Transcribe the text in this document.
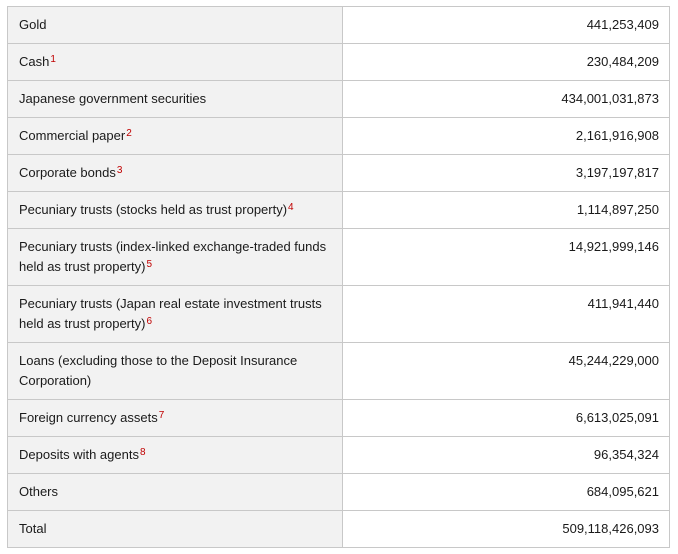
Gold	441,253,409
Cash$^1$	230,484,209
Japanese government securities	434,001,031,873
Commercial paper$^2$	2,161,916,908
Corporate bonds$^3$	3,197,197,817
Pecuniary trusts (stocks held as trust property)$^4$	1,114,897,250
Pecuniary trusts (index-linked exchange-traded funds held as trust property)$^5$	14,921,999,146
Pecuniary trusts (Japan real estate investment trusts held as trust property)$^6$	411,941,440
Loans (excluding those to the Deposit Insurance Corporation)	45,244,229,000
Foreign currency assets$^7$	6,613,025,091
Deposits with agents$^8$	96,354,324
Others	684,095,621
Total	509,118,426,093
